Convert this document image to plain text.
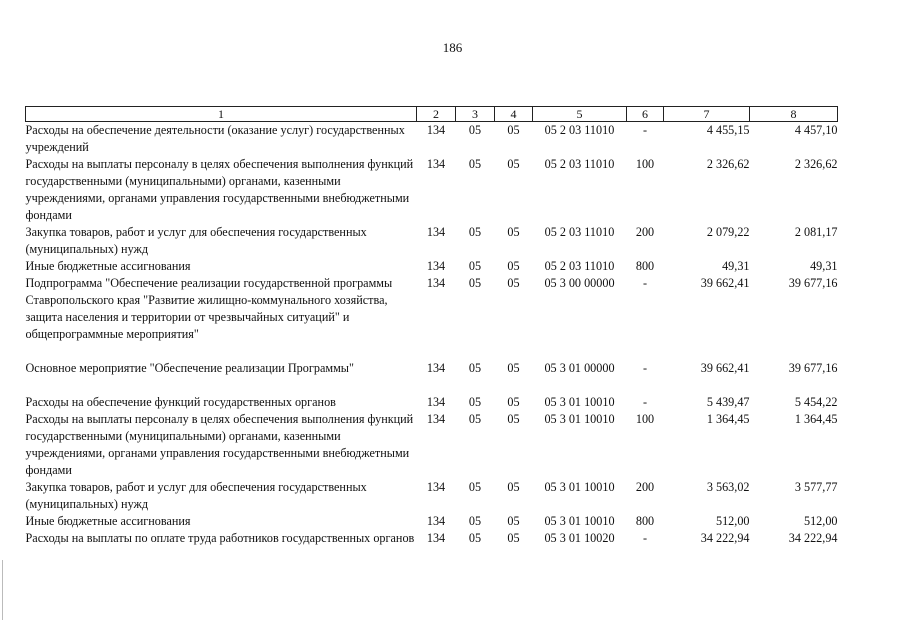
186
1	2	3	4	5	6	7	8
Расходы на обеспечение деятельности (оказание услуг) государственных учреждений	134	05	05	05 2 03 11010	-	4 455,15	4 457,10
Расходы на выплаты персоналу в целях обеспечения выполнения функций государственными (муниципальными) органами, казенными учреждениями, органами управления государственными внебюджетными фондами	134	05	05	05 2 03 11010	100	2 326,62	2 326,62
Закупка товаров, работ и услуг для обеспечения государственных (муниципальных) нужд	134	05	05	05 2 03 11010	200	2 079,22	2 081,17
Иные бюджетные ассигнования	134	05	05	05 2 03 11010	800	49,31	49,31
Подпрограмма "Обеспечение реализации государственной программы Ставропольского края "Развитие жилищно-коммунального хозяйства, защита населения и территории от чрезвычайных ситуаций" и общепрограммные мероприятия"	134	05	05	05 3 00 00000	-	39 662,41	39 677,16
Основное мероприятие "Обеспечение реализации Программы"	134	05	05	05 3 01 00000	-	39 662,41	39 677,16
Расходы на обеспечение функций государственных органов	134	05	05	05 3 01 10010	-	5 439,47	5 454,22
Расходы на выплаты персоналу в целях обеспечения выполнения функций государственными (муниципальными) органами, казенными учреждениями, органами управления государственными внебюджетными фондами	134	05	05	05 3 01 10010	100	1 364,45	1 364,45
Закупка товаров, работ и услуг для обеспечения государственных (муниципальных) нужд	134	05	05	05 3 01 10010	200	3 563,02	3 577,77
Иные бюджетные ассигнования	134	05	05	05 3 01 10010	800	512,00	512,00
Расходы на выплаты по оплате труда работников государственных органов	134	05	05	05 3 01 10020	-	34 222,94	34 222,94
